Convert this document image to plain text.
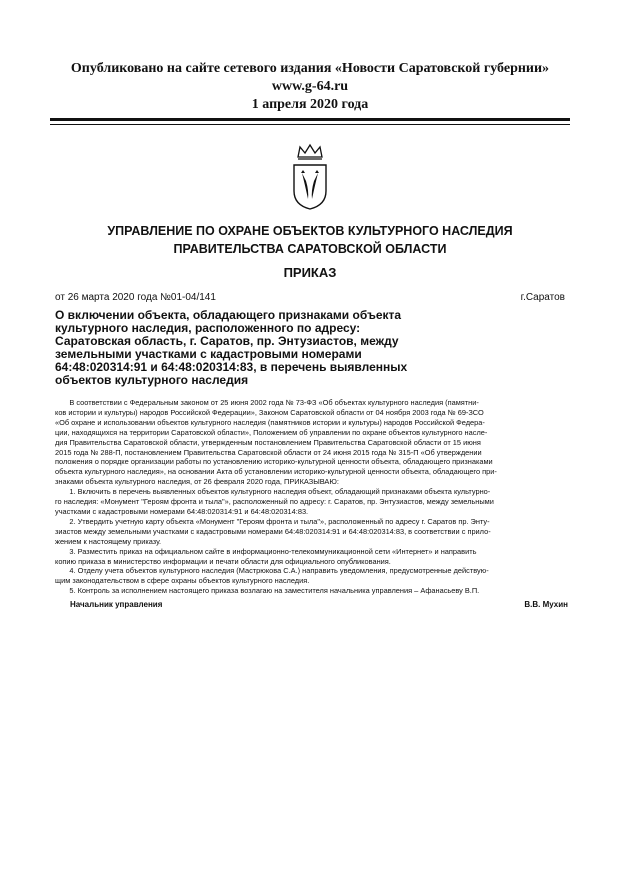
Опубликовано на сайте сетевого издания «Новости Саратовской губернии»
www.g-64.ru
1 апреля 2020 года
УПРАВЛЕНИЕ ПО ОХРАНЕ ОБЪЕКТОВ КУЛЬТУРНОГО НАСЛЕДИЯ
ПРАВИТЕЛЬСТВА САРАТОВСКОЙ ОБЛАСТИ
ПРИКАЗ
от 26 марта 2020 года №01-04/141	г.Саратов
О включении объекта, обладающего признаками объекта
культурного наследия, расположенного по адресу:
Саратовская область, г. Саратов, пр. Энтузиастов, между
земельными участками с кадастровыми номерами
64:48:020314:91 и 64:48:020314:83, в перечень выявленных
объектов культурного наследия
В соответствии с Федеральным законом от 25 июня 2002 года № 73-ФЗ «Об объектах культурного наследия (памятни-
ков истории и культуры) народов Российской Федерации», Законом Саратовской области от 04 ноября 2003 года № 69-ЗСО
«Об охране и использовании объектов культурного наследия (памятников истории и культуры) народов Российской Федера-
ции, находящихся на территории Саратовской области», Положением об управлении по охране объектов культурного насле-
дия Правительства Саратовской области, утвержденным постановлением Правительства Саратовской области от 15 июня
2015 года № 288-П, постановлением Правительства Саратовской области от 24 июня 2015 года № 315-П «Об утверждении
положения о порядке организации работы по установлению историко-культурной ценности объекта, обладающего признаками
объекта культурного наследия», на основании Акта об установлении историко-культурной ценности объекта, обладающего при-
знаками объекта культурного наследия, от 26 февраля 2020 года, ПРИКАЗЫВАЮ:
1. Включить в перечень выявленных объектов культурного наследия объект, обладающий признаками объекта культурно-
го наследия: «Монумент "Героям фронта и тыла"», расположенный по адресу: г. Саратов, пр. Энтузиастов, между земельными
участками с кадастровыми номерами 64:48:020314:91 и 64:48:020314:83.
2. Утвердить учетную карту объекта «Монумент "Героям фронта и тыла"», расположенный по адресу г. Саратов пр. Энту-
зиастов между земельными участками с кадастровыми номерами 64:48:020314:91 и 64:48:020314:83, в соответствии с прило-
жением к настоящему приказу.
3. Разместить приказ на официальном сайте в информационно-телекоммуникационной сети «Интернет» и направить
копию приказа в министерство информации и печати области для официального опубликования.
4. Отделу учета объектов культурного наследия (Мастрюкова С.А.) направить уведомления, предусмотренные действую-
щим законодательством в сфере охраны объектов культурного наследия.
5. Контроль за исполнением настоящего приказа возлагаю на заместителя начальника управления – Афанасьеву В.П.
Начальник управления	В.В. Мухин
